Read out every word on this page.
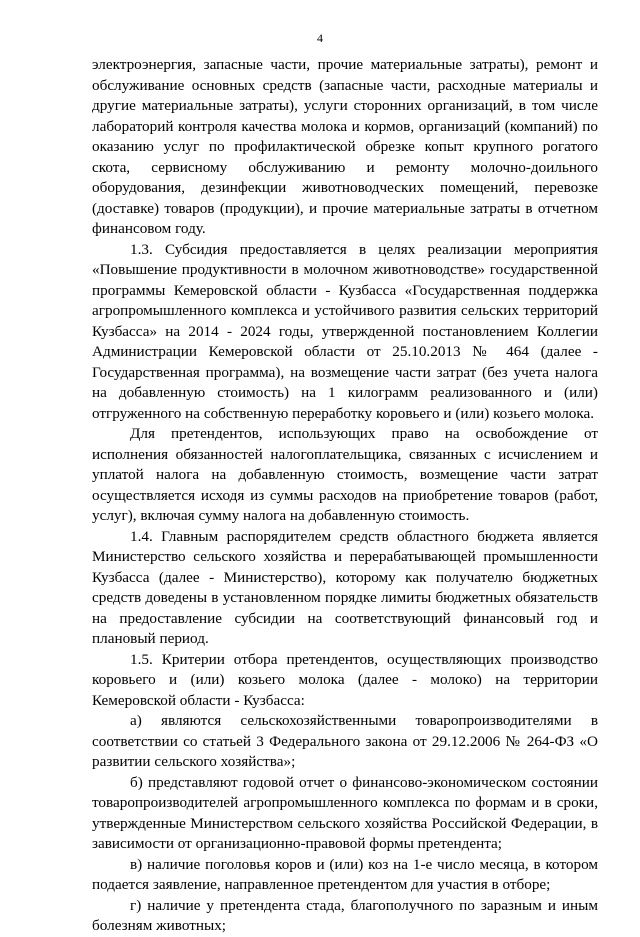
4

электроэнергия, запасные части, прочие материальные затраты), ремонт и обслуживание основных средств (запасные части, расходные материалы и другие материальные затраты), услуги сторонних организаций, в том числе лабораторий контроля качества молока и кормов, организаций (компаний) по оказанию услуг по профилактической обрезке копыт крупного рогатого скота, сервисному обслуживанию и ремонту молочно-доильного оборудования, дезинфекции животноводческих помещений, перевозке (доставке) товаров (продукции), и прочие материальные затраты в отчетном финансовом году.

1.3. Субсидия предоставляется в целях реализации мероприятия «Повышение продуктивности в молочном животноводстве» государственной программы Кемеровской области - Кузбасса «Государственная поддержка агропромышленного комплекса и устойчивого развития сельских территорий Кузбасса» на 2014 - 2024 годы, утвержденной постановлением Коллегии Администрации Кемеровской области от 25.10.2013 № 464 (далее - Государственная программа), на возмещение части затрат (без учета налога на добавленную стоимость) на 1 килограмм реализованного и (или) отгруженного на собственную переработку коровьего и (или) козьего молока.

Для претендентов, использующих право на освобождение от исполнения обязанностей налогоплательщика, связанных с исчислением и уплатой налога на добавленную стоимость, возмещение части затрат осуществляется исходя из суммы расходов на приобретение товаров (работ, услуг), включая сумму налога на добавленную стоимость.

1.4. Главным распорядителем средств областного бюджета является Министерство сельского хозяйства и перерабатывающей промышленности Кузбасса (далее - Министерство), которому как получателю бюджетных средств доведены в установленном порядке лимиты бюджетных обязательств на предоставление субсидии на соответствующий финансовый год и плановый период.

1.5. Критерии отбора претендентов, осуществляющих производство коровьего и (или) козьего молока (далее - молоко) на территории Кемеровской области - Кузбасса:

а) являются сельскохозяйственными товаропроизводителями в соответствии со статьей 3 Федерального закона от 29.12.2006 № 264-ФЗ «О развитии сельского хозяйства»;

б) представляют годовой отчет о финансово-экономическом состоянии товаропроизводителей агропромышленного комплекса по формам и в сроки, утвержденные Министерством сельского хозяйства Российской Федерации, в зависимости от организационно-правовой формы претендента;

в) наличие поголовья коров и (или) коз на 1-е число месяца, в котором подается заявление, направленное претендентом для участия в отборе;

г) наличие у претендента стада, благополучного по заразным и иным болезням животных;
